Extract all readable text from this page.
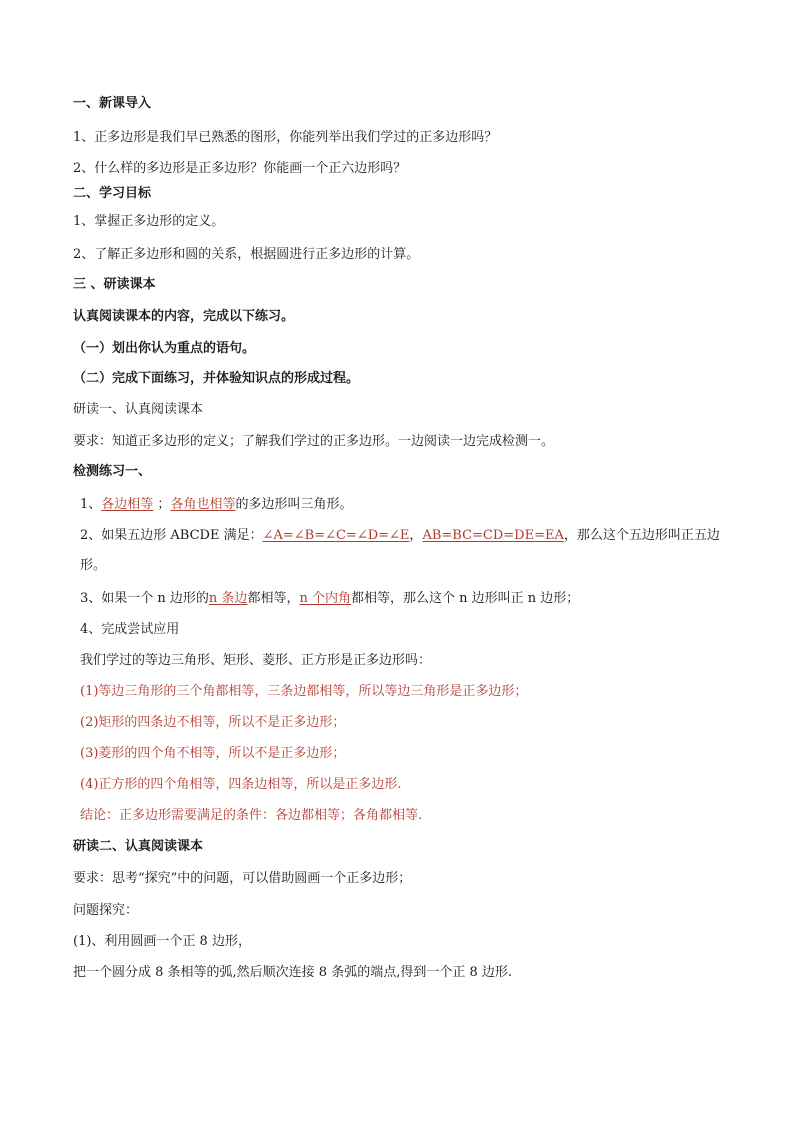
一、新课导入
1、正多边形是我们早已熟悉的图形，你能列举出我们学过的正多边形吗？
2、什么样的多边形是正多边形？你能画一个正六边形吗？
二、学习目标
1、掌握正多边形的定义。
2、了解正多边形和圆的关系，根据圆进行正多边形的计算。
三 、研读课本
认真阅读课本的内容，完成以下练习。
（一）划出你认为重点的语句。
（二）完成下面练习，并体验知识点的形成过程。
研读一、认真阅读课本
要求：知道正多边形的定义；了解我们学过的正多边形。一边阅读一边完成检测一。
检测练习一、
1、各边相等 ；各角也相等的多边形叫三角形。
2、如果五边形 ABCDE 满足：∠A=∠B=∠C=∠D=∠E，AB=BC=CD=DE=EA，那么这个五边形叫正五边
形。
3、如果一个 n 边形的n 条边都相等，n 个内角都相等，那么这个 n 边形叫正 n 边形；
4、完成尝试应用
我们学过的等边三角形、矩形、菱形、正方形是正多边形吗：
(1)等边三角形的三个角都相等，三条边都相等，所以等边三角形是正多边形；
(2)矩形的四条边不相等，所以不是正多边形；
(3)菱形的四个角不相等，所以不是正多边形；
(4)正方形的四个角相等，四条边相等，所以是正多边形.
结论：正多边形需要满足的条件：各边都相等；各角都相等.
研读二、认真阅读课本
要求：思考“探究”中的问题，可以借助圆画一个正多边形；
问题探究：
(1)、利用圆画一个正 8 边形，
把一个圆分成 8 条相等的弧,然后顺次连接 8 条弧的端点,得到一个正 8 边形.
